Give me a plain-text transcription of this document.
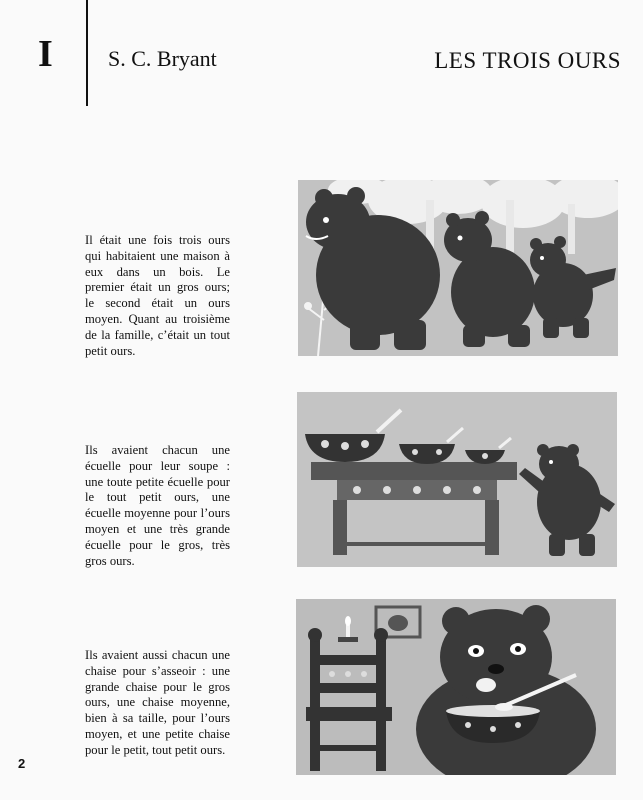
I	S. C. Bryant	LES TROIS OURS

Il était une fois trois ours qui habitaient une maison à eux dans un bois. Le premier était un gros ours; le second était un ours moyen. Quant au troisième de la famille, c’était un tout petit ours.

Ils avaient chacun une écuelle pour leur soupe : une toute petite écuelle pour le tout petit ours, une écuelle moyenne pour l’ours moyen et une très grande écuelle pour le gros, très gros ours.

Ils avaient aussi chacun une chaise pour s’asseoir : une grande chaise pour le gros ours, une chaise moyenne, bien à sa taille, pour l’ours moyen, et une petite chaise pour le petit, tout petit ours.

2
